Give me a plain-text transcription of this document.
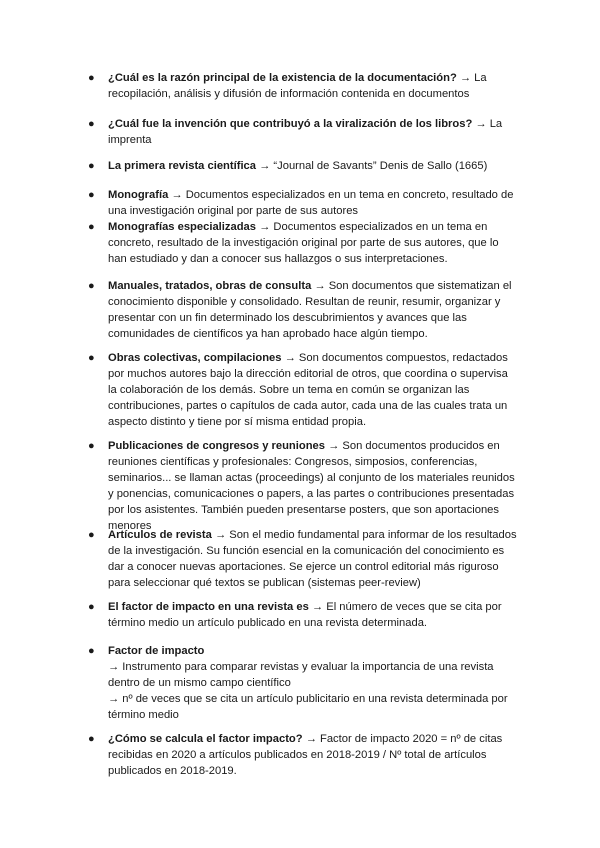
● ¿Cuál es la razón principal de la existencia de la documentación? → La recopilación, análisis y difusión de información contenida en documentos
● ¿Cuál fue la invención que contribuyó a la viralización de los libros? → La imprenta
● La primera revista científica → “Journal de Savants” Denis de Sallo (1665)
● Monografía → Documentos especializados en un tema en concreto, resultado de una investigación original por parte de sus autores
● Monografías especializadas → Documentos especializados en un tema en concreto, resultado de la investigación original por parte de sus autores, que lo han estudiado y dan a conocer sus hallazgos o sus interpretaciones.
● Manuales, tratados, obras de consulta → Son documentos que sistematizan el conocimiento disponible y consolidado. Resultan de reunir, resumir, organizar y presentar con un fin determinado los descubrimientos y avances que las comunidades de científicos ya han aprobado hace algún tiempo.
● Obras colectivas, compilaciones → Son documentos compuestos, redactados por muchos autores bajo la dirección editorial de otros, que coordina o supervisa la colaboración de los demás. Sobre un tema en común se organizan las contribuciones, partes o capítulos de cada autor, cada una de las cuales trata un aspecto distinto y tiene por sí misma entidad propia.
● Publicaciones de congresos y reuniones → Son documentos producidos en reuniones científicas y profesionales: Congresos, simposios, conferencias, seminarios... se llaman actas (proceedings) al conjunto de los materiales reunidos y ponencias, comunicaciones o papers, a las partes o contribuciones presentadas por los asistentes. También pueden presentarse posters, que son aportaciones menores
● Artículos de revista → Son el medio fundamental para informar de los resultados de la investigación. Su función esencial en la comunicación del conocimiento es dar a conocer nuevas aportaciones. Se ejerce un control editorial más riguroso para seleccionar qué textos se publican (sistemas peer-review)
● El factor de impacto en una revista es → El número de veces que se cita por término medio un artículo publicado en una revista determinada.
● Factor de impacto
→ Instrumento para comparar revistas y evaluar la importancia de una revista dentro de un mismo campo científico
→ nº de veces que se cita un artículo publicitario en una revista determinada por término medio
● ¿Cómo se calcula el factor impacto? → Factor de impacto 2020 = nº de citas recibidas en 2020 a artículos publicados en 2018-2019 / Nº total de artículos publicados en 2018-2019.
